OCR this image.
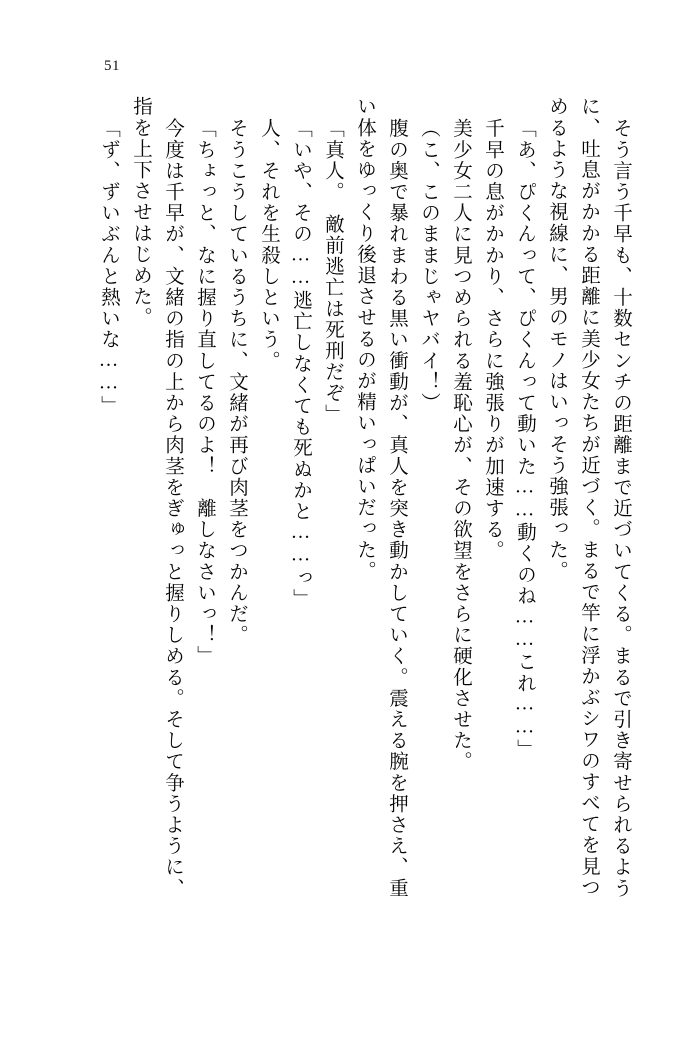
51
そう言う千早も、十数センチの距離まで近づいてくる。まるで引き寄せられるよう
に、吐息がかかる距離に美少女たちが近づく。まるで竿に浮かぶシワのすべてを見つ
めるような視線に、男のモノはいっそう強張った。
「あ、ぴくんって、ぴくんって動いた……動くのね……これ……」
千早の息がかかり、さらに強張りが加速する。
美少女二人に見つめられる羞恥心が、その欲望をさらに硬化させた。
（こ、このままじゃヤバイ！）
腹の奥で暴れまわる黒い衝動が、真人を突き動かしていく。震える腕を押さえ、重
い体をゆっくり後退させるのが精いっぱいだった。
「真人。　敵前逃亡は死刑だぞ」
「いや、その……逃亡しなくても死ぬかと……っ」
人、それを生殺しという。
そうこうしているうちに、文緒が再び肉茎をつかんだ。
「ちょっと、なに握り直してるのよ！　離しなさいっ！」
今度は千早が、文緒の指の上から肉茎をぎゅっと握りしめる。そして争うように、
指を上下させはじめた。
「ず、ずいぶんと熱いな……」
